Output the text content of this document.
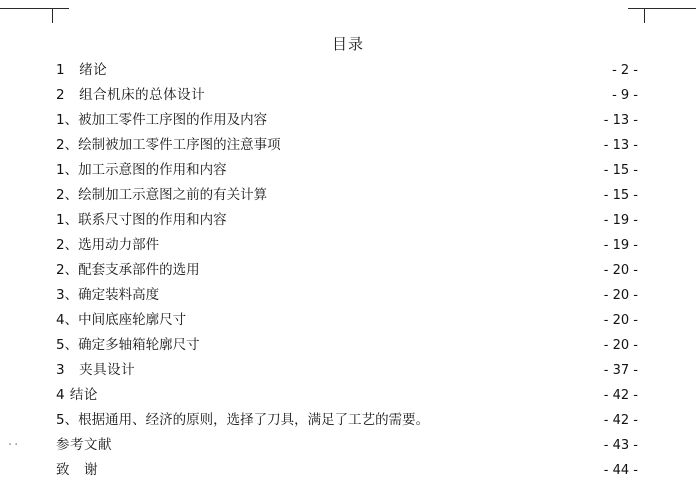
目录
1 绪论	- 2 -
2 组合机床的总体设计	- 9 -
1、被加工零件工序图的作用及内容	- 13 -
2、绘制被加工零件工序图的注意事项	- 13 -
1、加工示意图的作用和内容	- 15 -
2、绘制加工示意图之前的有关计算	- 15 -
1、联系尺寸图的作用和内容	- 19 -
2、选用动力部件	- 19 -
2、配套支承部件的选用	- 20 -
3、确定装料高度	- 20 -
4、中间底座轮廓尺寸	- 20 -
5、确定多轴箱轮廓尺寸	- 20 -
3 夹具设计	- 37 -
4 结论	- 42 -
5、根据通用、经济的原则，选择了刀具，满足了工艺的需要。	- 42 -
参考文献	- 43 -
致 谢	- 44 -
..
